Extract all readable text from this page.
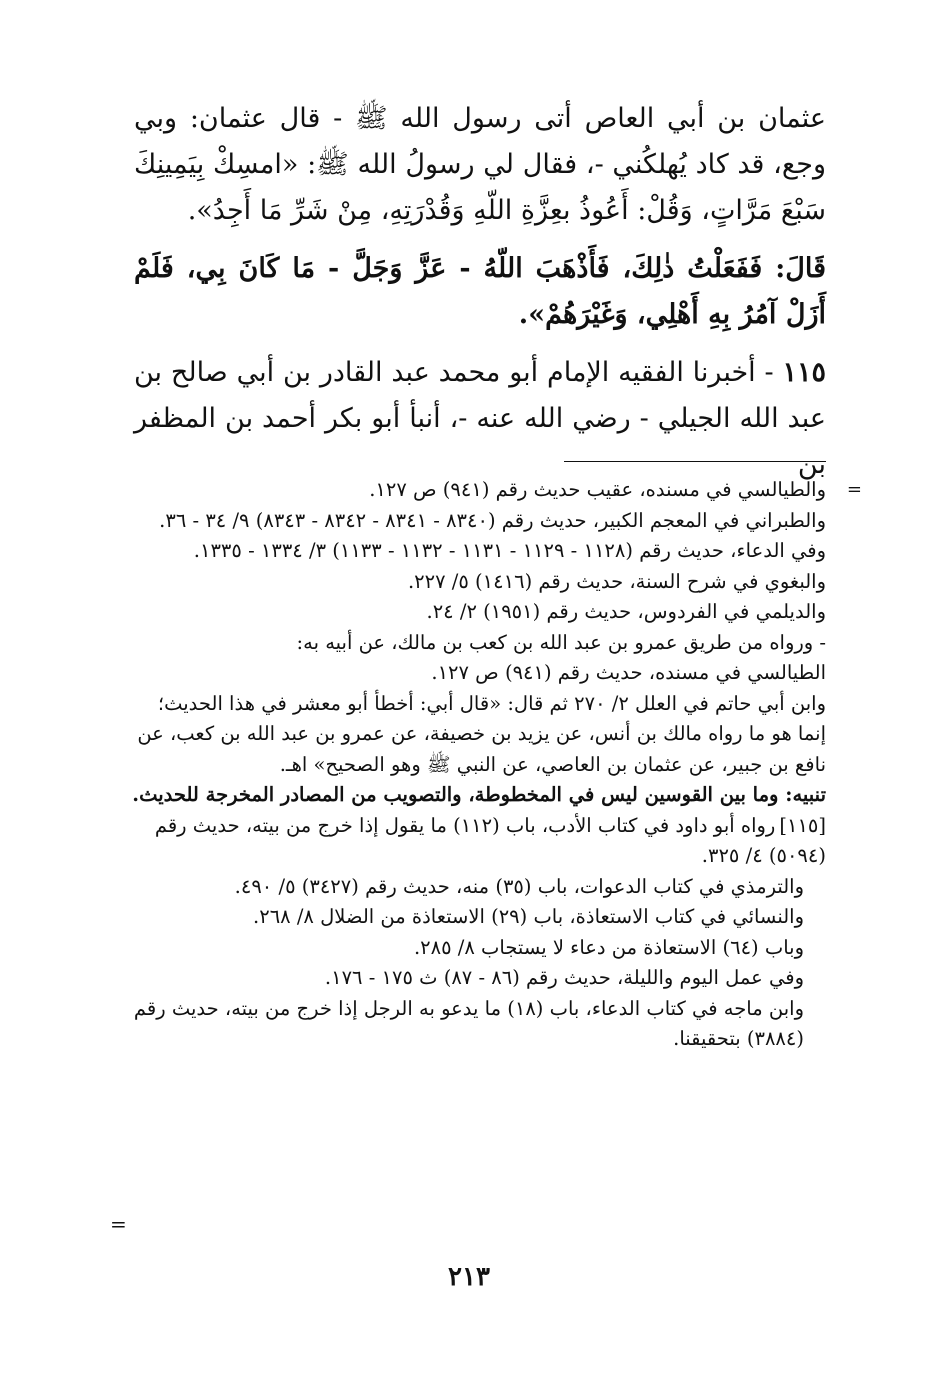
عثمان بن أبي العاص أتى رسول الله ﷺ - قال عثمان: وبي وجع، قد كاد يُهلكُني -، فقال لي رسولُ الله ﷺ: «امسِكْ بِيَمِينِكَ سَبْعَ مَرَّاتٍ، وَقُلْ: أَعُوذُ بعِزَّةِ اللّهِ وَقُدْرَتِهِ، مِنْ شَرِّ مَا أَجِدُ».

قَالَ: فَفَعَلْتُ ذٰلِكَ، فَأَذْهَبَ اللّهُ - عَزَّ وَجَلَّ - مَا كَانَ بِي، فَلَمْ أَزَلْ آمُرُ بِهِ أَهْلِي، وَغَيْرَهُمْ».

١١٥ - أخبرنا الفقيه الإمام أبو محمد عبد القادر بن أبي صالح بن عبد الله الجيلي - رضي الله عنه -، أنبأ أبو بكر أحمد بن المظفر بن

=

والطيالسي في مسنده، عقيب حديث رقم (٩٤١) ص ١٢٧.

والطبراني في المعجم الكبير، حديث رقم (٨٣٤٠ - ٨٣٤١ - ٨٣٤٢ - ٨٣٤٣) ٩/ ٣٤ - ٣٦.

وفي الدعاء، حديث رقم (١١٢٨ - ١١٢٩ - ١١٣١ - ١١٣٢ - ١١٣٣) ٣/ ١٣٣٤ - ١٣٣٥.

والبغوي في شرح السنة، حديث رقم (١٤١٦) ٥/ ٢٢٧.

والديلمي في الفردوس، حديث رقم (١٩٥١) ٢/ ٢٤.

- ورواه من طريق عمرو بن عبد الله بن كعب بن مالك، عن أبيه به:

الطيالسي في مسنده، حديث رقم (٩٤١) ص ١٢٧.

وابن أبي حاتم في العلل ٢/ ٢٧٠ ثم قال: «قال أبي: أخطأ أبو معشر في هذا الحديث؛ إنما هو ما رواه مالك بن أنس، عن يزيد بن خصيفة، عن عمرو بن عبد الله بن كعب، عن نافع بن جبير، عن عثمان بن العاصي، عن النبي ﷺ وهو الصحيح» اهـ.

تنبيه: وما بين القوسين ليس في المخطوطة، والتصويب من المصادر المخرجة للحديث.

[١١٥]رواه أبو داود في كتاب الأدب، باب (١١٢) ما يقول إذا خرج من بيته، حديث رقم (٥٠٩٤) ٤/ ٣٢٥.

والترمذي في كتاب الدعوات، باب (٣٥) منه، حديث رقم (٣٤٢٧) ٥/ ٤٩٠.

والنسائي في كتاب الاستعاذة، باب (٢٩) الاستعاذة من الضلال ٨/ ٢٦٨.

وباب (٦٤) الاستعاذة من دعاء لا يستجاب ٨/ ٢٨٥.

وفي عمل اليوم والليلة، حديث رقم (٨٦ - ٨٧) ث ١٧٥ - ١٧٦.

وابن ماجه في كتاب الدعاء، باب (١٨) ما يدعو به الرجل إذا خرج من بيته، حديث رقم (٣٨٨٤) بتحقيقنا.

=
٢١٣
